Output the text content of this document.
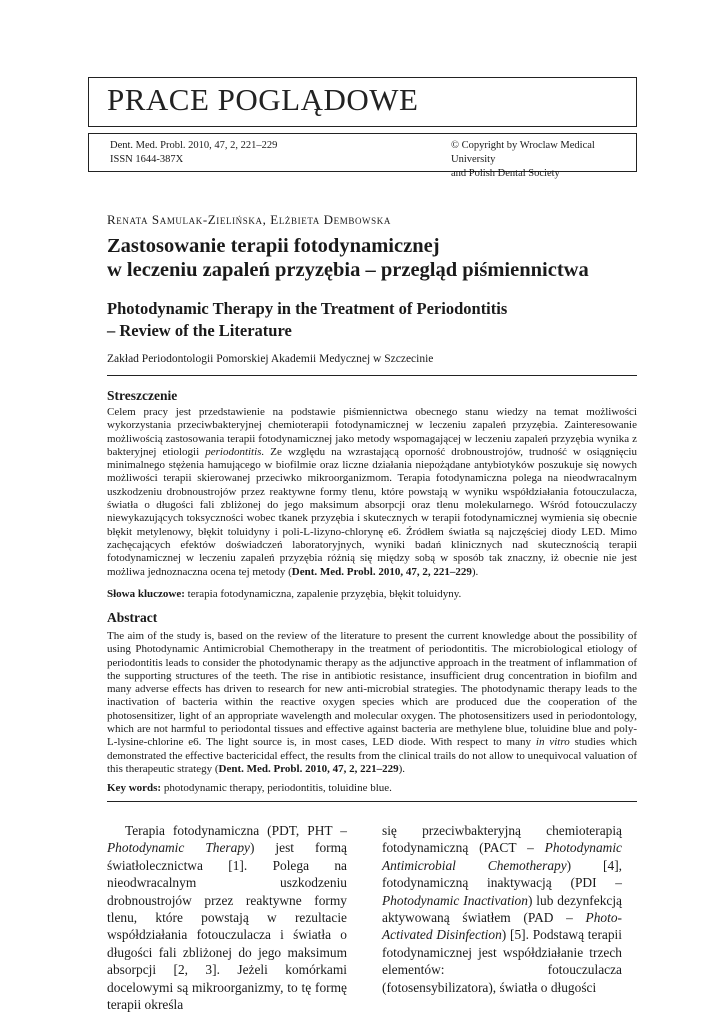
PRACE POGLĄDOWE
Dent. Med. Probl. 2010, 47, 2, 221–229
ISSN 1644-387X
© Copyright by Wroclaw Medical University
and Polish Dental Society
Renata Samulak-Zielińska, Elżbieta Dembowska
Zastosowanie terapii fotodynamicznej
w leczeniu zapaleń przyzębia – przegląd piśmiennictwa
Photodynamic Therapy in the Treatment of Periodontitis
– Review of the Literature
Zakład Periodontologii Pomorskiej Akademii Medycznej w Szczecinie
Streszczenie

Celem pracy jest przedstawienie na podstawie piśmiennictwa obecnego stanu wiedzy na temat możliwości wykorzystania przeciwbakteryjnej chemioterapii fotodynamicznej w leczeniu zapaleń przyzębia. Zainteresowanie możliwością zastosowania terapii fotodynamicznej jako metody wspomagającej w leczeniu zapaleń przyzębia wynika z bakteryjnej etiologii periodontitis. Ze względu na wzrastającą oporność drobnoustrojów, trudność w osiągnięciu minimalnego stężenia hamującego w biofilmie oraz liczne działania niepożądane antybiotyków poszukuje się nowych możliwości terapii skierowanej przeciwko mikroorganizmom. Terapia fotodynamiczna polega na nieodwracalnym uszkodzeniu drobnoustrojów przez reaktywne formy tlenu, które powstają w wyniku współdziałania fotouczulacza, światła o długości fali zbliżonej do jego maksimum absorpcji oraz tlenu molekularnego. Wśród fotouczulaczy niewykazujących toksyczności wobec tkanek przyzębia i skutecznych w terapii fotodynamicznej wymienia się obecnie błękit metylenowy, błękit toluidyny i poli-L-lizyno-chlorynę e6. Źródłem światła są najczęściej diody LED. Mimo zachęcających efektów doświadczeń laboratoryjnych, wyniki badań klinicznych nad skutecznością terapii fotodynamicznej w leczeniu zapaleń przyzębia różnią się między sobą w sposób tak znaczny, iż obecnie nie jest możliwa jednoznaczna ocena tej metody (Dent. Med. Probl. 2010, 47, 2, 221–229).

Słowa kluczowe: terapia fotodynamiczna, zapalenie przyzębia, błękit toluidyny.
Abstract

The aim of the study is, based on the review of the literature to present the current knowledge about the possibility of using Photodynamic Antimicrobial Chemotherapy in the treatment of periodontitis. The microbiological etiology of periodontitis leads to consider the photodynamic therapy as the adjunctive approach in the treatment of inflammation of the supporting structures of the teeth. The rise in antibiotic resistance, insufficient drug concentration in biofilm and many adverse effects has driven to research for new anti-microbial strategies. The photodynamic therapy leads to the inactivation of bacteria within the reactive oxygen species which are produced due the cooperation of the photosensitizer, light of an appropriate wavelength and molecular oxygen. The photosensitizers used in periodontology, which are not harmful to periodontal tissues and effective against bacteria are methylene blue, toluidine blue and poly-L-lysine-chlorine e6. The light source is, in most cases, LED diode. With respect to many in vitro studies which demonstrated the effective bactericidal effect, the results from the clinical trails do not allow to unequivocal valuation of this therapeutic strategy (Dent. Med. Probl. 2010, 47, 2, 221–229).

Key words: photodynamic therapy, periodontitis, toluidine blue.

Terapia fotodynamiczna (PDT, PHT – Photodynamic Therapy) jest formą światłolecznictwa [1]. Polega na nieodwracalnym uszkodzeniu drobnoustrojów przez reaktywne formy tlenu, które powstają w rezultacie współdziałania fotouczulacza i światła o długości fali zbliżonej do jego maksimum absorpcji [2, 3]. Jeżeli komórkami docelowymi są mikroorganizmy, to tę formę terapii określa

się przeciwbakteryjną chemioterapią fotodynamiczną (PACT – Photodynamic Antimicrobial Chemotherapy) [4], fotodynamiczną inaktywacją (PDI – Photodynamic Inactivation) lub dezynfekcją aktywowaną światłem (PAD – Photo-Activated Disinfection) [5]. Podstawą terapii fotodynamicznej jest współdziałanie trzech elementów: fotouczulacza (fotosensybilizatora), światła o długości
